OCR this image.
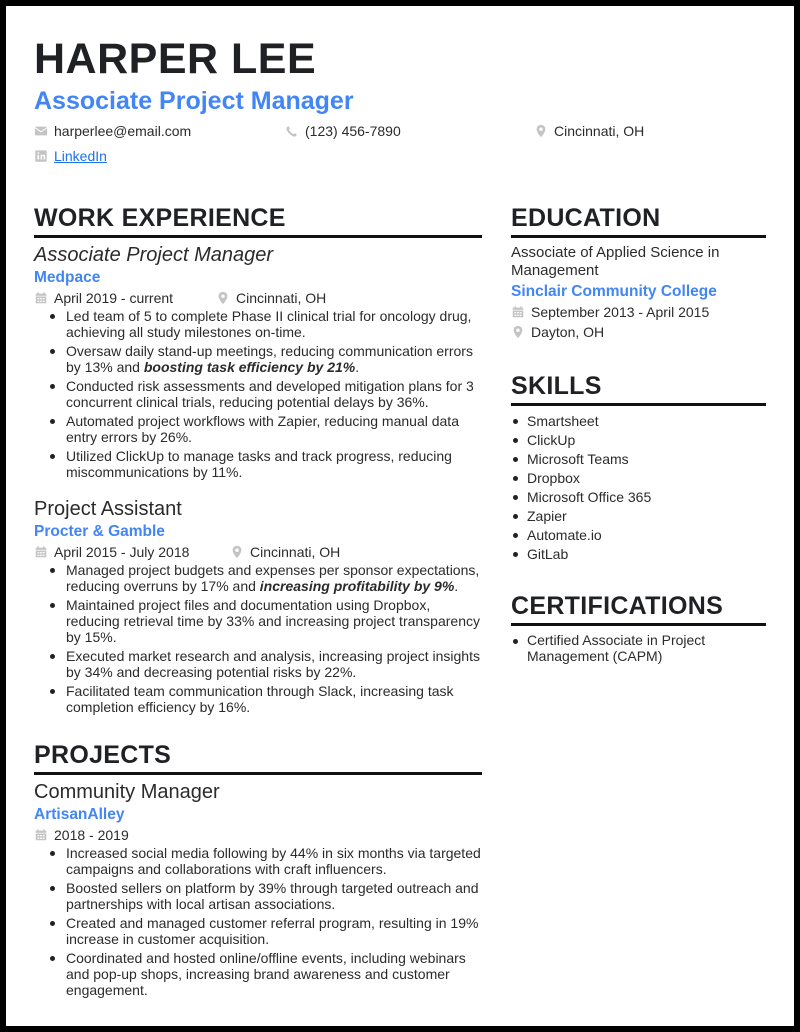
HARPER LEE
Associate Project Manager
harperlee@email.com	(123) 456-7890	Cincinnati, OH
LinkedIn
WORK EXPERIENCE
Associate Project Manager
Medpace
April 2019 - current	Cincinnati, OH
Led team of 5 to complete Phase II clinical trial for oncology drug, achieving all study milestones on-time.
Oversaw daily stand-up meetings, reducing communication errors by 13% and boosting task efficiency by 21%.
Conducted risk assessments and developed mitigation plans for 3 concurrent clinical trials, reducing potential delays by 36%.
Automated project workflows with Zapier, reducing manual data entry errors by 26%.
Utilized ClickUp to manage tasks and track progress, reducing miscommunications by 11%.
Project Assistant
Procter & Gamble
April 2015 - July 2018	Cincinnati, OH
Managed project budgets and expenses per sponsor expectations, reducing overruns by 17% and increasing profitability by 9%.
Maintained project files and documentation using Dropbox, reducing retrieval time by 33% and increasing project transparency by 15%.
Executed market research and analysis, increasing project insights by 34% and decreasing potential risks by 22%.
Facilitated team communication through Slack, increasing task completion efficiency by 16%.
PROJECTS
Community Manager
ArtisanAlley
2018 - 2019
Increased social media following by 44% in six months via targeted campaigns and collaborations with craft influencers.
Boosted sellers on platform by 39% through targeted outreach and partnerships with local artisan associations.
Created and managed customer referral program, resulting in 19% increase in customer acquisition.
Coordinated and hosted online/offline events, including webinars and pop-up shops, increasing brand awareness and customer engagement.
EDUCATION
Associate of Applied Science in Management
Sinclair Community College
September 2013 - April 2015
Dayton, OH
SKILLS
Smartsheet
ClickUp
Microsoft Teams
Dropbox
Microsoft Office 365
Zapier
Automate.io
GitLab
CERTIFICATIONS
Certified Associate in Project Management (CAPM)
